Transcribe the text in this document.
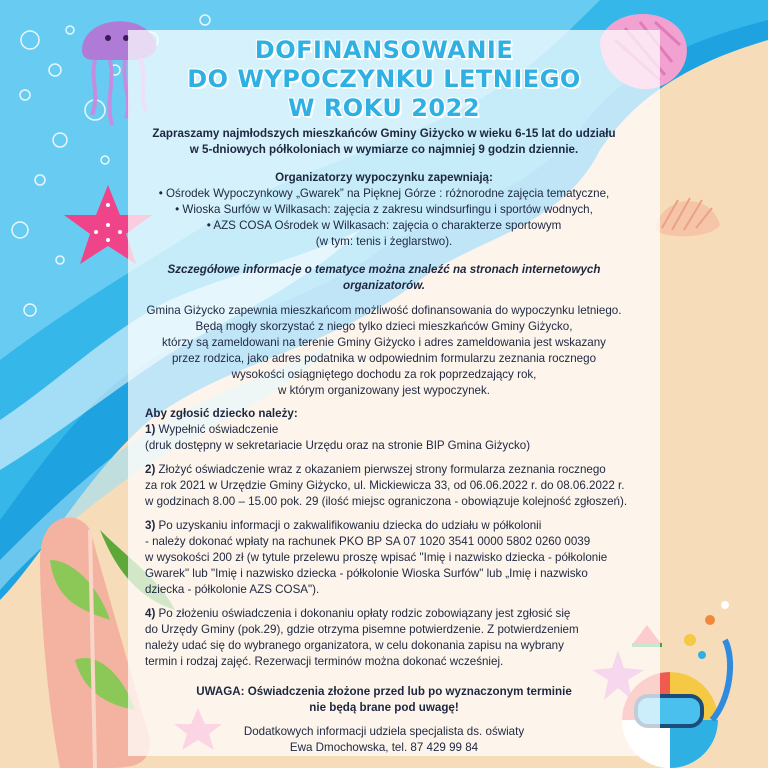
DOFINANSOWANIE
DO WYPOCZYNKU LETNIEGO
W ROKU 2022
Zapraszamy najmłodszych mieszkańców Gminy Giżycko w wieku 6-15 lat do udziału
w 5-dniowych półkoloniach w wymiarze co najmniej 9 godzin dziennie.
Organizatorzy wypoczynku zapewniają:
• Ośrodek Wypoczynkowy „Gwarek” na Pięknej Górze : różnorodne zajęcia tematyczne,
• Wioska Surfów w Wilkasach: zajęcia z zakresu windsurfingu i sportów wodnych,
• AZS COSA Ośrodek w Wilkasach: zajęcia o charakterze sportowym
(w tym: tenis i żeglarstwo).
Szczegółowe informacje o tematyce można znaleźć na stronach internetowych
organizatorów.
Gmina Giżycko zapewnia mieszkańcom możliwość dofinansowania do wypoczynku letniego.
Będą mogły skorzystać z niego tylko dzieci mieszkańców Gminy Giżycko,
którzy są zameldowani na terenie Gminy Giżycko i adres zameldowania jest wskazany
przez rodzica, jako adres podatnika w odpowiednim formularzu zeznania rocznego
wysokości osiągniętego dochodu za rok poprzedzający rok,
w którym organizowany jest wypoczynek.
Aby zgłosić dziecko należy:
1) Wypełnić oświadczenie
(druk dostępny w sekretariacie Urzędu oraz na stronie BIP Gmina Giżycko)
2) Złożyć oświadczenie wraz z okazaniem pierwszej strony formularza zeznania rocznego
za rok 2021 w Urzędzie Gminy Giżycko, ul. Mickiewicza 33, od 06.06.2022 r. do 08.06.2022 r.
w godzinach 8.00 – 15.00 pok. 29 (ilość miejsc ograniczona - obowiązuje kolejność zgłoszeń).
3) Po uzyskaniu informacji o zakwalifikowaniu dziecka do udziału w półkolonii
- należy dokonać wpłaty na rachunek PKO BP SA 07 1020 3541 0000 5802 0260 0039
w wysokości 200 zł (w tytule przelewu proszę wpisać "Imię i nazwisko dziecka - półkolonie
Gwarek" lub "Imię i nazwisko dziecka - półkolonie Wioska Surfów" lub „Imię i nazwisko
dziecka - półkolonie AZS COSA").
4) Po złożeniu oświadczenia i dokonaniu opłaty rodzic zobowiązany jest zgłosić się
do Urzędy Gminy (pok.29), gdzie otrzyma pisemne potwierdzenie. Z potwierdzeniem
należy udać się do wybranego organizatora, w celu dokonania zapisu na wybrany
termin i rodzaj zajęć. Rezerwacji terminów można dokonać wcześniej.
UWAGA: Oświadczenia złożone przed lub po wyznaczonym terminie
nie będą brane pod uwagę!
Dodatkowych informacji udziela specjalista ds. oświaty
Ewa Dmochowska, tel. 87 429 99 84
